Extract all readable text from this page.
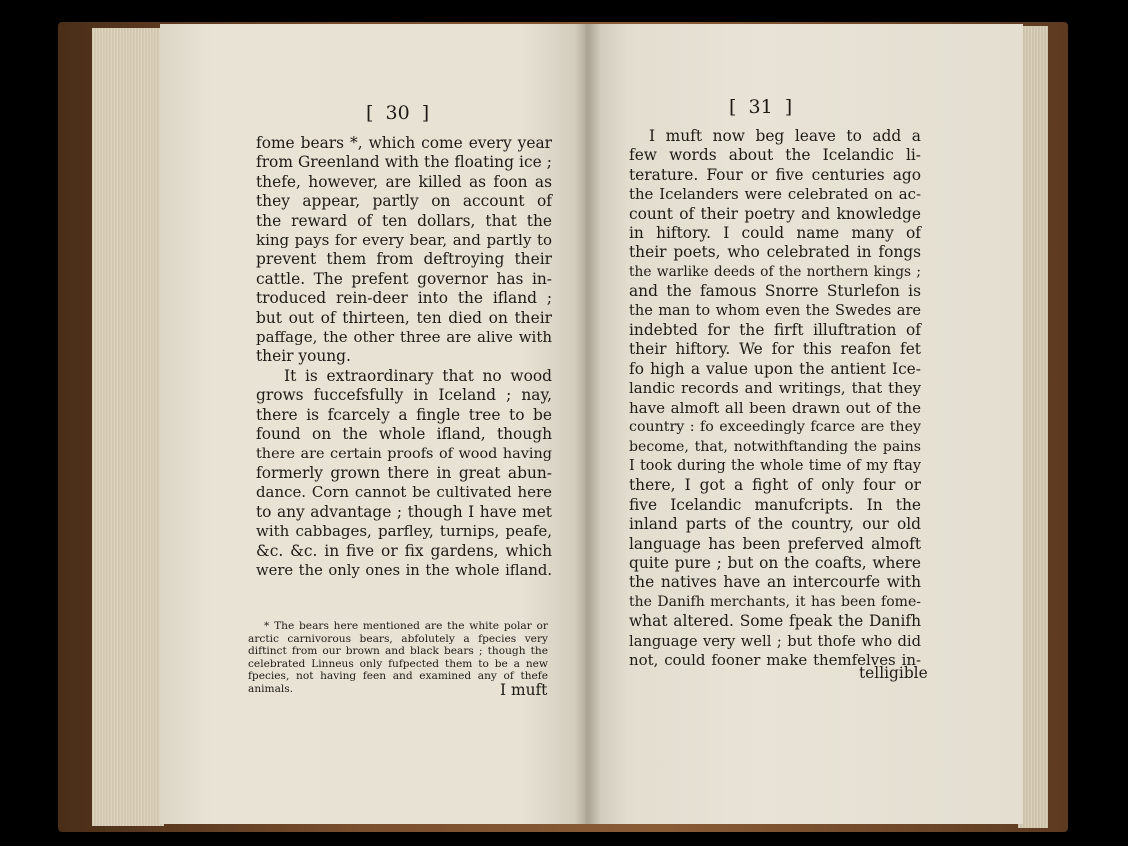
[  30  ]
fome bears *, which come every year
from Greenland with the floating ice ;
thefe, however, are killed as foon as
they appear, partly on account of
the reward of ten dollars, that the
king pays for every bear, and partly to
prevent them from deftroying their
cattle. The prefent governor has in-
troduced rein-deer into the ifland ;
but out of thirteen, ten died on their
paffage, the other three are alive with
their young.
It is extraordinary that no wood
grows fuccefsfully in Iceland ; nay,
there is fcarcely a fingle tree to be
found on the whole ifland, though
there are certain proofs of wood having
formerly grown there in great abun-
dance. Corn cannot be cultivated here
to any advantage ; though I have met
with cabbages, parfley, turnips, peafe,
&c. &c. in five or fix gardens, which
were the only ones in the whole ifland.
* The bears here mentioned are the white polar or
arctic carnivorous bears, abfolutely a fpecies very
diftinct from our brown and black bears ; though the
celebrated Linneus only fufpected them to be a new
fpecies, not having feen and examined any of thefe
animals.	I muft
[  31  ]
I muft now beg leave to add a
few words about the Icelandic li-
terature. Four or five centuries ago
the Icelanders were celebrated on ac-
count of their poetry and knowledge
in hiftory. I could name many of
their poets, who celebrated in fongs
the warlike deeds of the northern kings ;
and the famous Snorre Sturlefon is
the man to whom even the Swedes are
indebted for the firft illuftration of
their hiftory. We for this reafon fet
fo high a value upon the antient Ice-
landic records and writings, that they
have almoft all been drawn out of the
country : fo exceedingly fcarce are they
become, that, notwithftanding the pains
I took during the whole time of my ftay
there, I got a fight of only four or
five Icelandic manufcripts. In the
inland parts of the country, our old
language has been preferved almoft
quite pure ; but on the coafts, where
the natives have an intercourfe with
the Danifh merchants, it has been fome-
what altered. Some fpeak the Danifh
language very well ; but thofe who did
not, could fooner make themfelves in-
telligible
